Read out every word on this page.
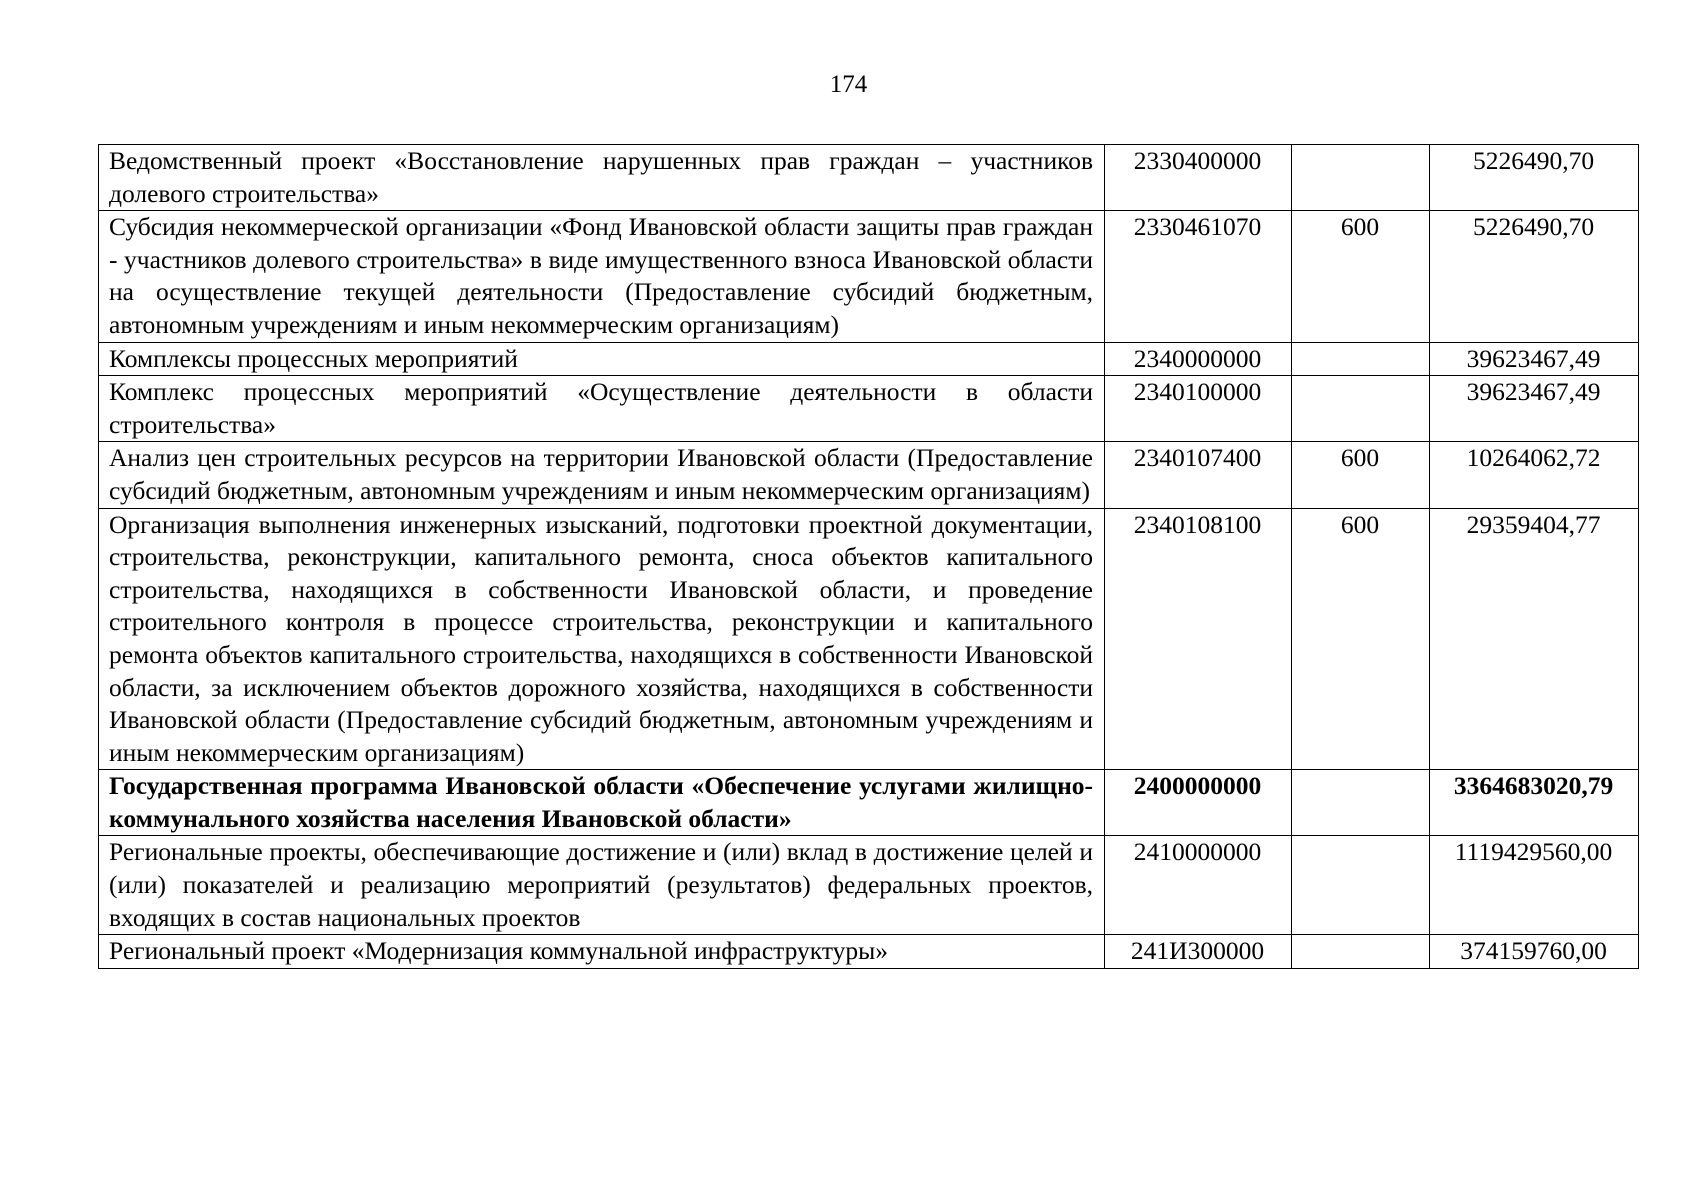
174
Ведомственный проект «Восстановление нарушенных прав граждан – участников долевого строительства»	2330400000		5226490,70
Субсидия некоммерческой организации «Фонд Ивановской области защиты прав граждан - участников долевого строительства» в виде имущественного взноса Ивановской области на осуществление текущей деятельности (Предоставление субсидий бюджетным, автономным учреждениям и иным некоммерческим организациям)	2330461070	600	5226490,70
Комплексы процессных мероприятий	2340000000		39623467,49
Комплекс процессных мероприятий «Осуществление деятельности в области строительства»	2340100000		39623467,49
Анализ цен строительных ресурсов на территории Ивановской области (Предоставление субсидий бюджетным, автономным учреждениям и иным некоммерческим организациям)	2340107400	600	10264062,72
Организация выполнения инженерных изысканий, подготовки проектной документации, строительства, реконструкции, капитального ремонта, сноса объектов капитального строительства, находящихся в собственности Ивановской области, и проведение строительного контроля в процессе строительства, реконструкции и капитального ремонта объектов капитального строительства, находящихся в собственности Ивановской области, за исключением объектов дорожного хозяйства, находящихся в собственности Ивановской области (Предоставление субсидий бюджетным, автономным учреждениям и иным некоммерческим организациям)	2340108100	600	29359404,77
Государственная программа Ивановской области «Обеспечение услугами жилищно-коммунального хозяйства населения Ивановской области»	2400000000		3364683020,79
Региональные проекты, обеспечивающие достижение и (или) вклад в достижение целей и (или) показателей и реализацию мероприятий (результатов) федеральных проектов, входящих в состав национальных проектов	2410000000		1119429560,00
Региональный проект «Модернизация коммунальной инфраструктуры»	241И300000		374159760,00
